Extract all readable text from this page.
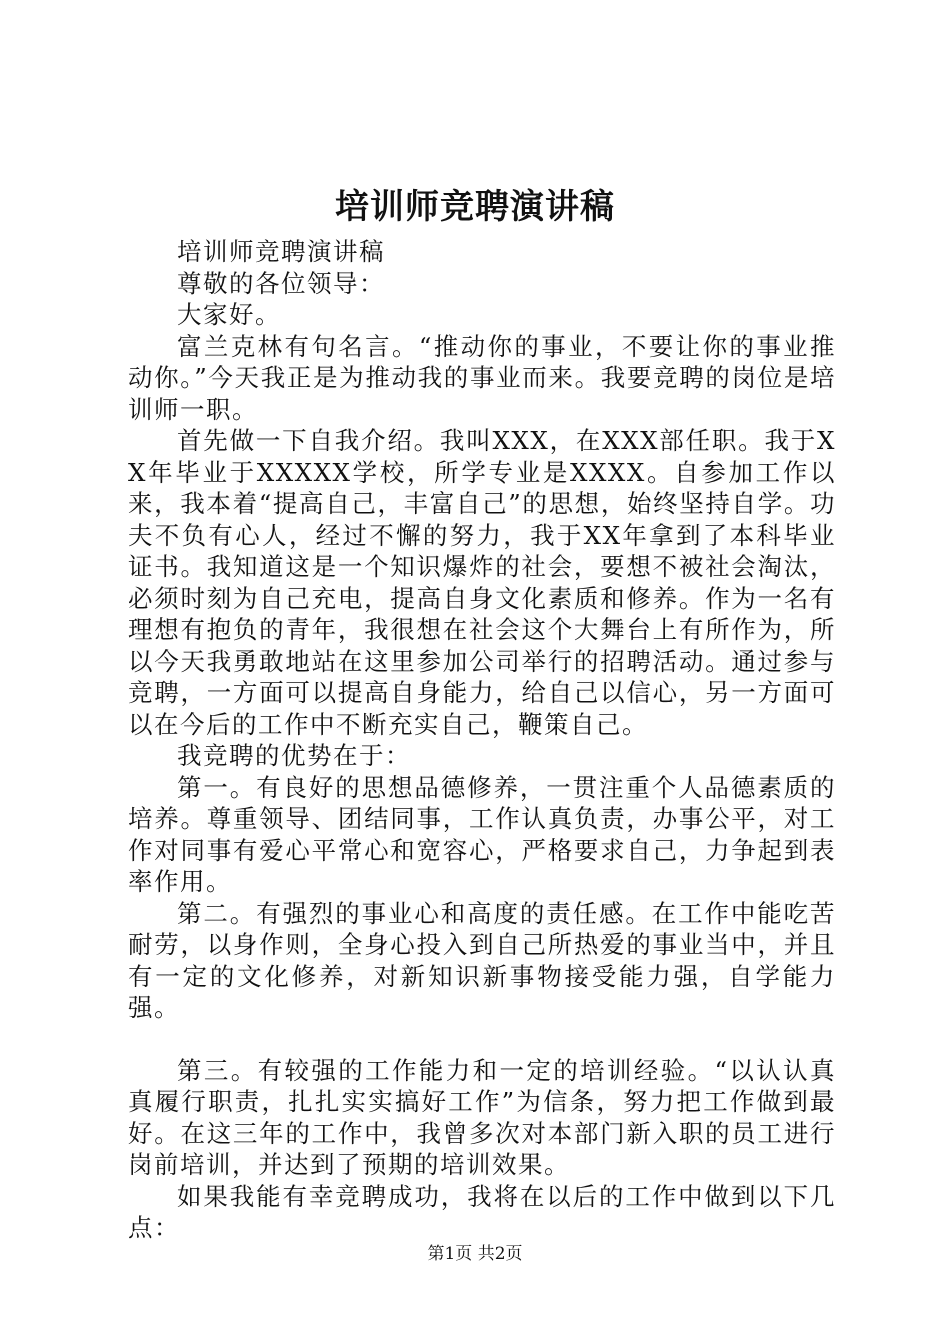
培训师竞聘演讲稿

培训师竞聘演讲稿

尊敬的各位领导：

大家好。

富兰克林有句名言。“推动你的事业，不要让你的事业推动你。”今天我正是为推动我的事业而来。我要竞聘的岗位是培训师一职。

首先做一下自我介绍。我叫XXX，在XXX部任职。我于XX年毕业于XXXXX学校，所学专业是XXXX。自参加工作以来，我本着“提高自己，丰富自己”的思想，始终坚持自学。功夫不负有心人，经过不懈的努力，我于XX年拿到了本科毕业证书。我知道这是一个知识爆炸的社会，要想不被社会淘汰，必须时刻为自己充电，提高自身文化素质和修养。作为一名有理想有抱负的青年，我很想在社会这个大舞台上有所作为，所以今天我勇敢地站在这里参加公司举行的招聘活动。通过参与竞聘，一方面可以提高自身能力，给自己以信心，另一方面可以在今后的工作中不断充实自己，鞭策自己。

我竞聘的优势在于：

第一。有良好的思想品德修养，一贯注重个人品德素质的培养。尊重领导、团结同事，工作认真负责，办事公平，对工作对同事有爱心平常心和宽容心，严格要求自己，力争起到表率作用。

第二。有强烈的事业心和高度的责任感。在工作中能吃苦耐劳，以身作则，全身心投入到自己所热爱的事业当中，并且有一定的文化修养，对新知识新事物接受能力强，自学能力强。

第三。有较强的工作能力和一定的培训经验。“以认认真真履行职责，扎扎实实搞好工作”为信条，努力把工作做到最好。在这三年的工作中，我曾多次对本部门新入职的员工进行岗前培训，并达到了预期的培训效果。

如果我能有幸竞聘成功，我将在以后的工作中做到以下几点：

第1页 共2页
